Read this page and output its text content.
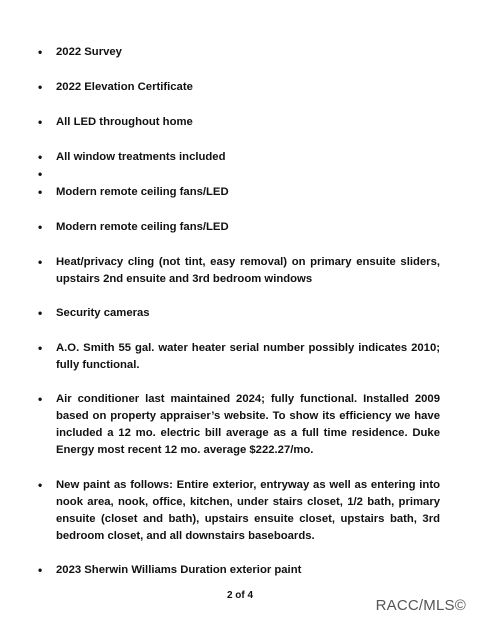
• 2022 Survey
• 2022 Elevation Certificate
• All LED throughout home
• All window treatments included
•
• Modern remote ceiling fans/LED
• Modern remote ceiling fans/LED
• Heat/privacy cling (not tint, easy removal) on primary ensuite sliders, upstairs 2nd ensuite and 3rd bedroom windows
• Security cameras
• A.O. Smith 55 gal. water heater serial number possibly indicates 2010; fully functional.
• Air conditioner last maintained 2024; fully functional. Installed 2009 based on property appraiser’s website. To show its efficiency we have included a 12 mo. electric bill average as a full time residence. Duke Energy most recent 12 mo. average $222.27/mo.
• New paint as follows: Entire exterior, entryway as well as entering into nook area, nook, office, kitchen, under stairs closet, 1/2 bath, primary ensuite (closet and bath), upstairs ensuite closet, upstairs bath, 3rd bedroom closet, and all downstairs baseboards.
• 2023 Sherwin Williams Duration exterior paint
2 of 4
RACC/MLS©
